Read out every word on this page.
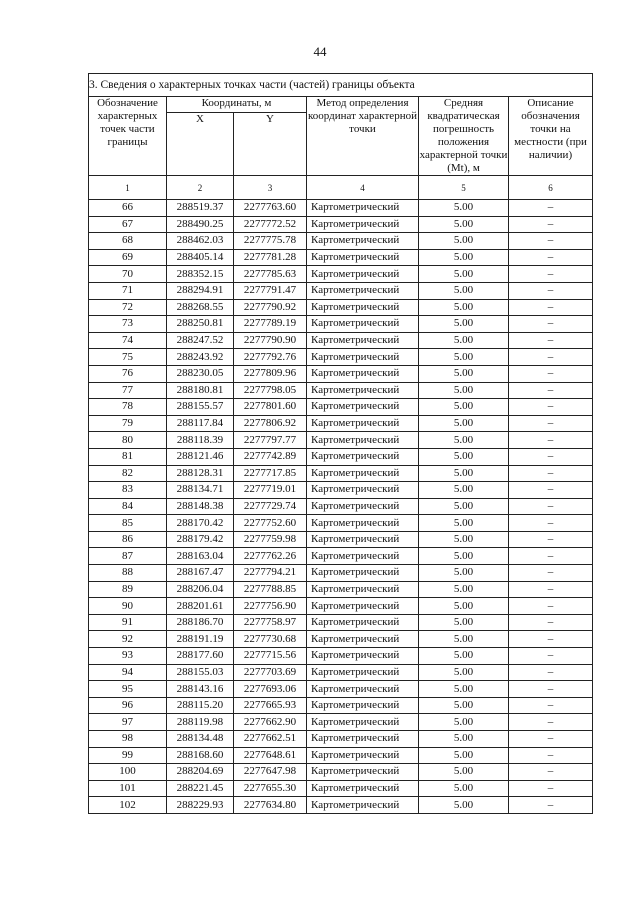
44
3. Сведения о характерных точках части (частей) границы объекта					
Обозначение характерных точек части границы	Координаты, м		Метод определения координат характерной точки	Средняя квадратическая погрешность положения характерной точки (Mt), м	Описание обозначения точки на местности (при наличии)
	X	Y			
1	2	3	4	5	6
66	288519.37	2277763.60	Картометрический	5.00	–
67	288490.25	2277772.52	Картометрический	5.00	–
68	288462.03	2277775.78	Картометрический	5.00	–
69	288405.14	2277781.28	Картометрический	5.00	–
70	288352.15	2277785.63	Картометрический	5.00	–
71	288294.91	2277791.47	Картометрический	5.00	–
72	288268.55	2277790.92	Картометрический	5.00	–
73	288250.81	2277789.19	Картометрический	5.00	–
74	288247.52	2277790.90	Картометрический	5.00	–
75	288243.92	2277792.76	Картометрический	5.00	–
76	288230.05	2277809.96	Картометрический	5.00	–
77	288180.81	2277798.05	Картометрический	5.00	–
78	288155.57	2277801.60	Картометрический	5.00	–
79	288117.84	2277806.92	Картометрический	5.00	–
80	288118.39	2277797.77	Картометрический	5.00	–
81	288121.46	2277742.89	Картометрический	5.00	–
82	288128.31	2277717.85	Картометрический	5.00	–
83	288134.71	2277719.01	Картометрический	5.00	–
84	288148.38	2277729.74	Картометрический	5.00	–
85	288170.42	2277752.60	Картометрический	5.00	–
86	288179.42	2277759.98	Картометрический	5.00	–
87	288163.04	2277762.26	Картометрический	5.00	–
88	288167.47	2277794.21	Картометрический	5.00	–
89	288206.04	2277788.85	Картометрический	5.00	–
90	288201.61	2277756.90	Картометрический	5.00	–
91	288186.70	2277758.97	Картометрический	5.00	–
92	288191.19	2277730.68	Картометрический	5.00	–
93	288177.60	2277715.56	Картометрический	5.00	–
94	288155.03	2277703.69	Картометрический	5.00	–
95	288143.16	2277693.06	Картометрический	5.00	–
96	288115.20	2277665.93	Картометрический	5.00	–
97	288119.98	2277662.90	Картометрический	5.00	–
98	288134.48	2277662.51	Картометрический	5.00	–
99	288168.60	2277648.61	Картометрический	5.00	–
100	288204.69	2277647.98	Картометрический	5.00	–
101	288221.45	2277655.30	Картометрический	5.00	–
102	288229.93	2277634.80	Картометрический	5.00	–
